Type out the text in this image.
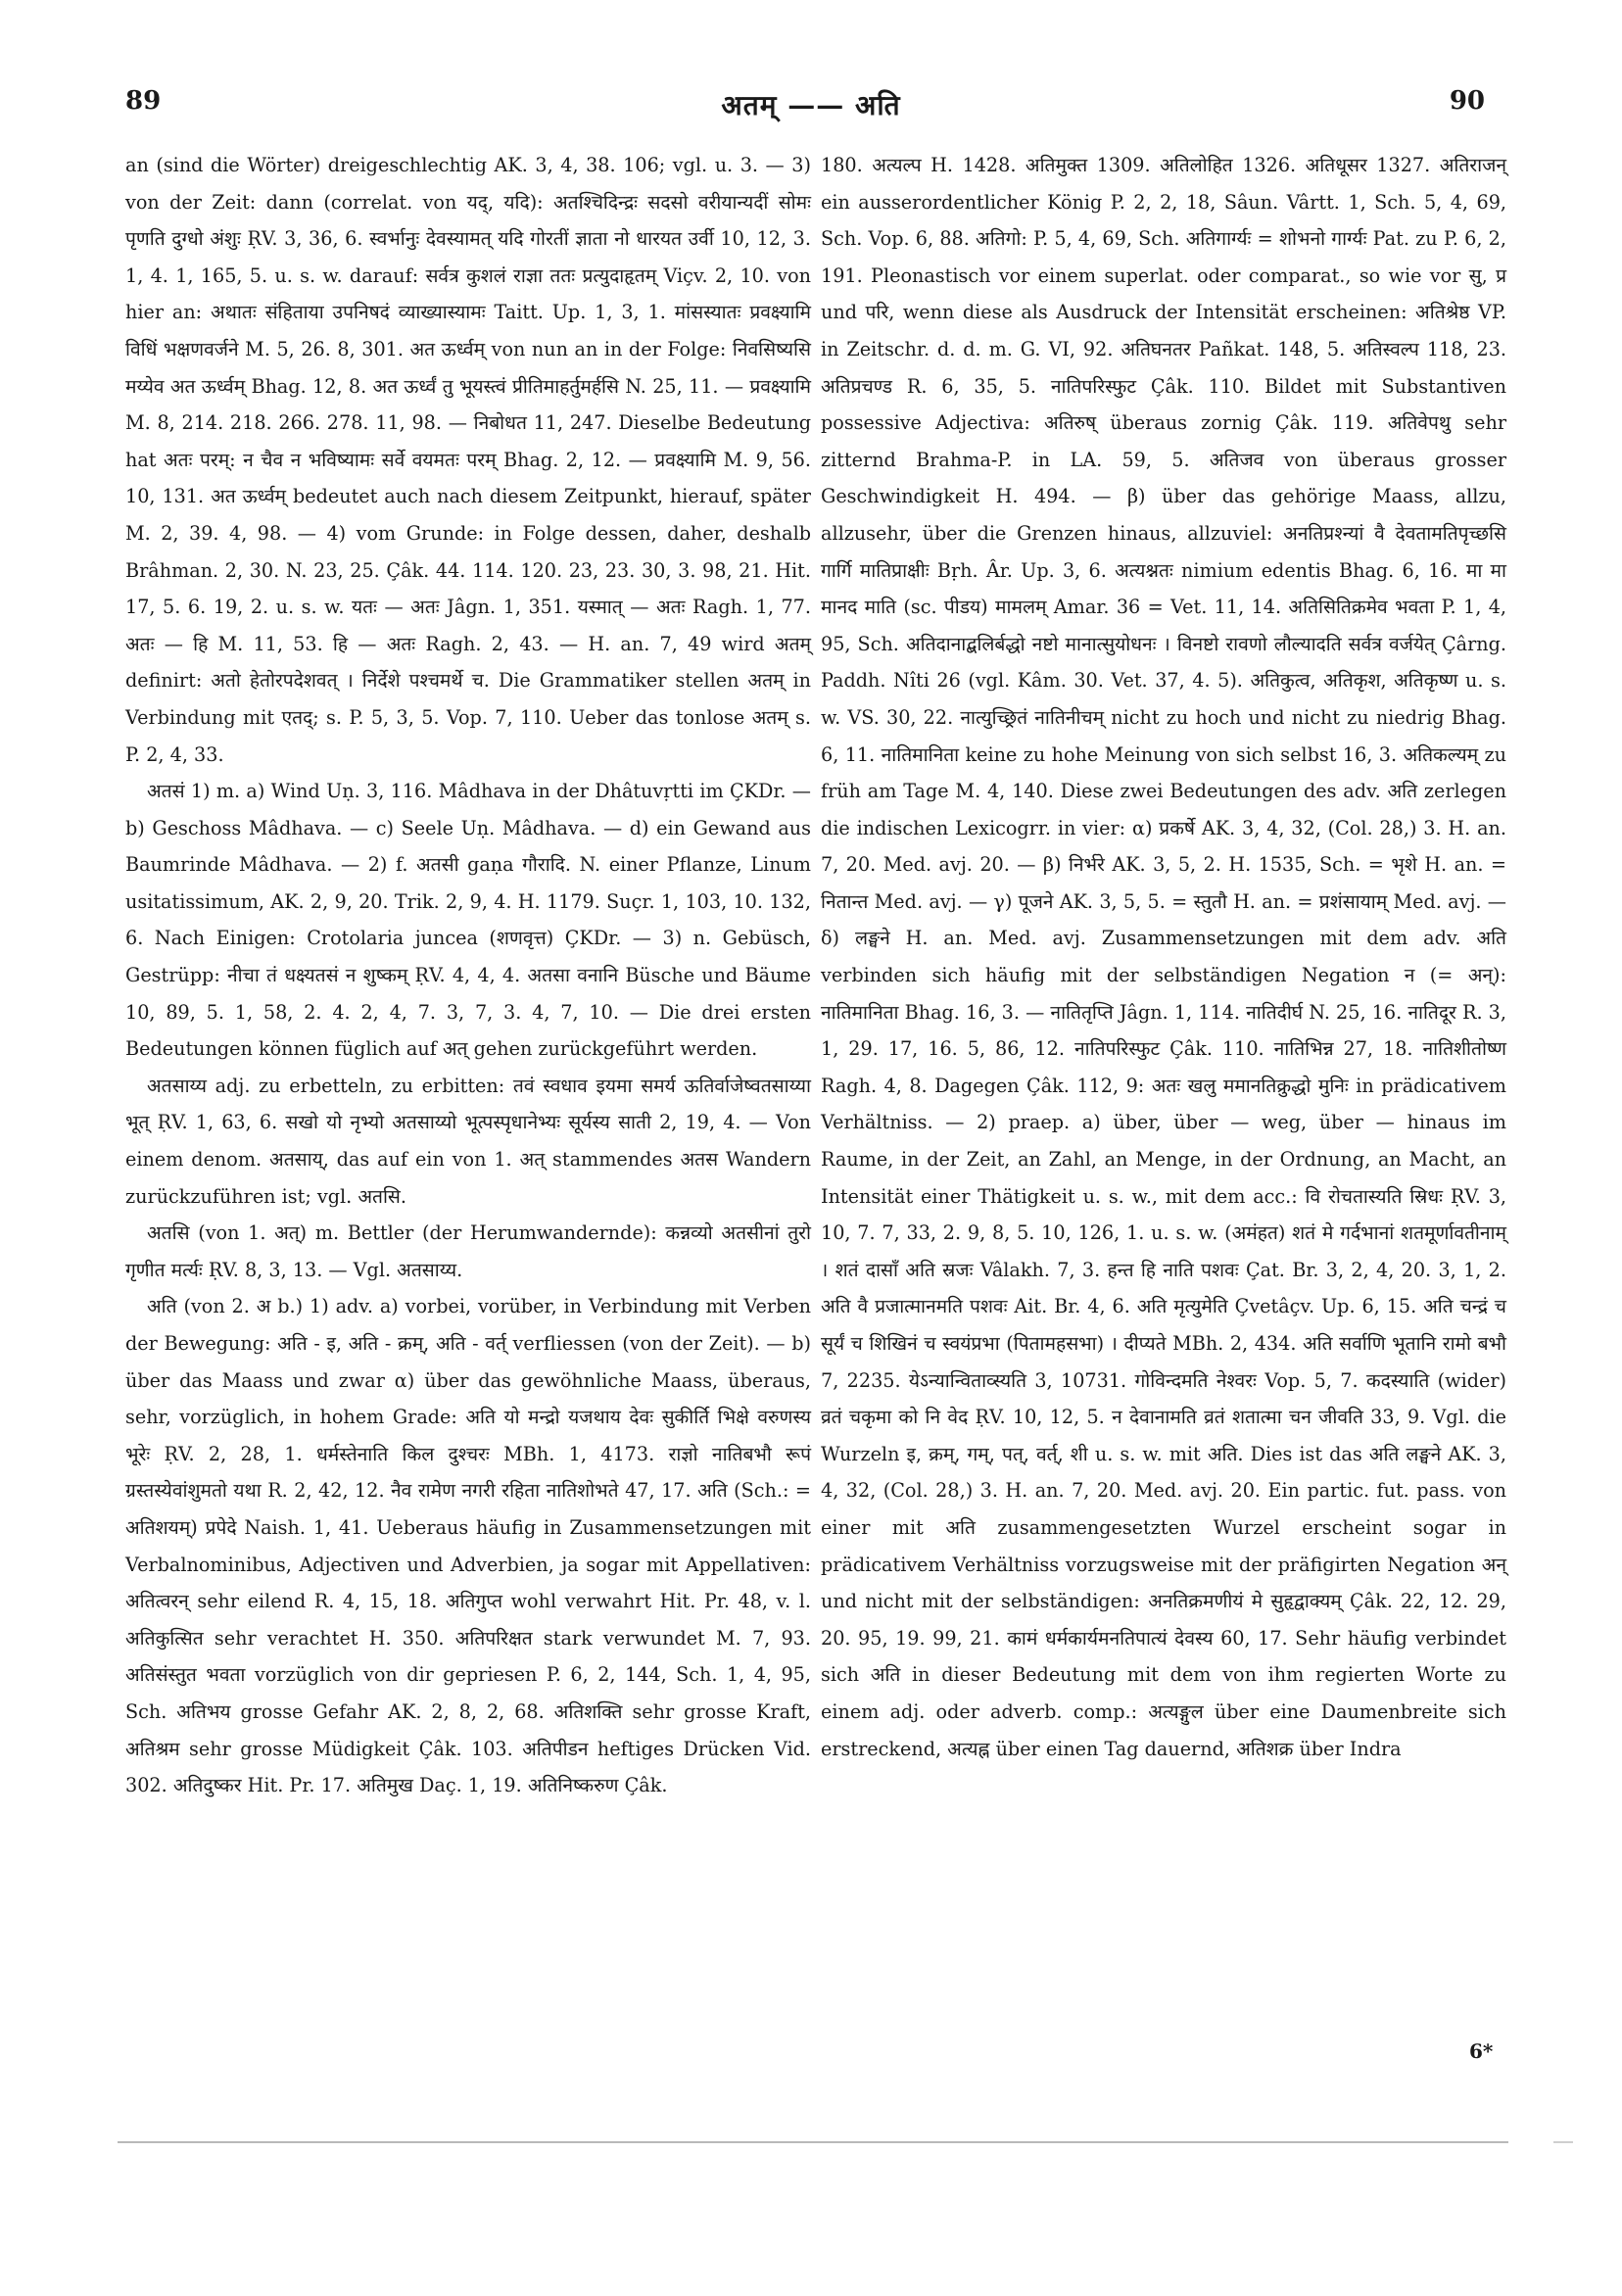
89	अतम् —— अति	90

an (sind die Wörter) dreigeschlechtig AK. 3, 4, 38. 106; vgl. u. 3. — 3) von der Zeit: dann (correlat. von यद्, यदि): अतश्चिदिन्द्रः सदसो वरीयान्यदीं सोमः पृणति दुग्धो अंशुः ṚV. 3, 36, 6. स्वर्भानुः देवस्यामत् यदि गोरतीं ज्ञाता नो धारयत उर्वी 10, 12, 3. 1, 4. 1, 165, 5. u. s. w. darauf: सर्वत्र कुशलं राज्ञा ततः प्रत्युदाहृतम् Viçv. 2, 10. von hier an: अथातः संहिताया उपनिषदं व्याख्यास्यामः Taitt. Up. 1, 3, 1. मांसस्यातः प्रवक्ष्यामि विधिं भक्षणवर्जने M. 5, 26. 8, 301. अत ऊर्ध्वम् von nun an in der Folge: निवसिष्यसि मय्येव अत ऊर्ध्वम् Bhag. 12, 8. अत ऊर्ध्वं तु भूयस्त्वं प्रीतिमाहर्तुमर्हसि N. 25, 11. — प्रवक्ष्यामि M. 8, 214. 218. 266. 278. 11, 98. — निबोधत 11, 247. Dieselbe Bedeutung hat अतः परम्: न चैव न भविष्यामः सर्वे वयमतः परम् Bhag. 2, 12. — प्रवक्ष्यामि M. 9, 56. 10, 131. अत ऊर्ध्वम् bedeutet auch nach diesem Zeitpunkt, hierauf, später M. 2, 39. 4, 98. — 4) vom Grunde: in Folge dessen, daher, deshalb Brâhman. 2, 30. N. 23, 25. Çâk. 44. 114. 120. 23, 23. 30, 3. 98, 21. Hit. 17, 5. 6. 19, 2. u. s. w. यतः — अतः Jâgn. 1, 351. यस्मात् — अतः Ragh. 1, 77. अतः — हि M. 11, 53. हि — अतः Ragh. 2, 43. — H. an. 7, 49 wird अतम् definirt: अतो हेतोरपदेशवत् । निर्देशे पश्चमर्थे च. Die Grammatiker stellen अतम् in Verbindung mit एतद्; s. P. 5, 3, 5. Vop. 7, 110. Ueber das tonlose अतम् s. P. 2, 4, 33.

अतसं 1) m. a) Wind Uṇ. 3, 116. Mâdhava in der Dhâtuvṛtti im ÇKDr. — b) Geschoss Mâdhava. — c) Seele Uṇ. Mâdhava. — d) ein Gewand aus Baumrinde Mâdhava. — 2) f. अतसी gaṇa गौरादि. N. einer Pflanze, Linum usitatissimum, AK. 2, 9, 20. Trik. 2, 9, 4. H. 1179. Suçr. 1, 103, 10. 132, 6. Nach Einigen: Crotolaria juncea (शणवृत्त) ÇKDr. — 3) n. Gebüsch, Gestrüpp: नीचा तं धक्ष्यतसं न शुष्कम् ṚV. 4, 4, 4. अतसा वनानि Büsche und Bäume 10, 89, 5. 1, 58, 2. 4. 2, 4, 7. 3, 7, 3. 4, 7, 10. — Die drei ersten Bedeutungen können füglich auf अत् gehen zurückgeführt werden.

अतसाय्य adj. zu erbetteln, zu erbitten: तवं स्वधाव इयमा समर्य ऊतिर्वाजेष्वतसाय्या भूत् ṚV. 1, 63, 6. सखो यो नृभ्यो अतसाय्यो भूत्पस्पृधानेभ्यः सूर्यस्य साती 2, 19, 4. — Von einem denom. अतसाय्, das auf ein von 1. अत् stammendes अतस Wandern zurückzuführen ist; vgl. अतसि.

अतसि (von 1. अत्) m. Bettler (der Herumwandernde): कन्नव्यो अतसीनां तुरो गृणीत मर्त्यः ṚV. 8, 3, 13. — Vgl. अतसाय्य.

अति (von 2. अ b.) 1) adv. a) vorbei, vorüber, in Verbindung mit Verben der Bewegung: अति - इ, अति - क्रम्, अति - वर्त् verfliessen (von der Zeit). — b) über das Maass und zwar α) über das gewöhnliche Maass, überaus, sehr, vorzüglich, in hohem Grade: अति यो मन्द्रो यजथाय देवः सुकीर्ति भिक्षे वरुणस्य भूरेः ṚV. 2, 28, 1. धर्मस्तेनाति किल दुश्चरः MBh. 1, 4173. राज्ञो नातिबभौ रूपं ग्रस्तस्येवांशुमतो यथा R. 2, 42, 12. नैव रामेण नगरी रहिता नातिशोभते 47, 17. अति (Sch.: = अतिशयम्) प्रपेदे Naish. 1, 41. Ueberaus häufig in Zusammensetzungen mit Verbalnominibus, Adjectiven und Adverbien, ja sogar mit Appellativen: अतित्वरन् sehr eilend R. 4, 15, 18. अतिगुप्त wohl verwahrt Hit. Pr. 48, v. l. अतिकुत्सित sehr verachtet H. 350. अतिपरिक्षत stark verwundet M. 7, 93. अतिसंस्तुत भवता vorzüglich von dir gepriesen P. 6, 2, 144, Sch. 1, 4, 95, Sch. अतिभय grosse Gefahr AK. 2, 8, 2, 68. अतिशक्ति sehr grosse Kraft, अतिश्रम sehr grosse Müdigkeit Çâk. 103. अतिपीडन heftiges Drücken Vid. 302. अतिदुष्कर Hit. Pr. 17. अतिमुख Daç. 1, 19. अतिनिष्करुण Çâk.

180. अत्यल्प H. 1428. अतिमुक्त 1309. अतिलोहित 1326. अतिधूसर 1327. अतिराजन् ein ausserordentlicher König P. 2, 2, 18, Sâun. Vârtt. 1, Sch. 5, 4, 69, Sch. Vop. 6, 88. अतिगो: P. 5, 4, 69, Sch. अतिगार्ग्यः = शोभनो गार्ग्यः Pat. zu P. 6, 2, 191. Pleonastisch vor einem superlat. oder comparat., so wie vor सु, प्र und परि, wenn diese als Ausdruck der Intensität erscheinen: अतिश्रेष्ठ VP. in Zeitschr. d. d. m. G. VI, 92. अतिघनतर Pañkat. 148, 5. अतिस्वल्प 118, 23. अतिप्रचण्ड R. 6, 35, 5. नातिपरिस्फुट Çâk. 110. Bildet mit Substantiven possessive Adjectiva: अतिरुष् überaus zornig Çâk. 119. अतिवेपथु sehr zitternd Brahma-P. in LA. 59, 5. अतिजव von überaus grosser Geschwindigkeit H. 494. — β) über das gehörige Maass, allzu, allzusehr, über die Grenzen hinaus, allzuviel: अनतिप्रश्न्यां वै देवतामतिपृच्छसि गार्गि मातिप्राक्षीः Bṛh. Âr. Up. 3, 6. अत्यश्नतः nimium edentis Bhag. 6, 16. मा मा मानद माति (sc. पीडय) मामलम् Amar. 36 = Vet. 11, 14. अतिसितिक्रमेव भवता P. 1, 4, 95, Sch. अतिदानाद्बलिर्बद्धो नष्टो मानात्सुयोधनः । विनष्टो रावणो लौल्यादति सर्वत्र वर्जयेत् Çârng. Paddh. Nîti 26 (vgl. Kâm. 30. Vet. 37, 4. 5). अतिकुत्व, अतिकृश, अतिकृष्ण u. s. w. VS. 30, 22. नात्युच्छ्रितं नातिनीचम् nicht zu hoch und nicht zu niedrig Bhag. 6, 11. नातिमानिता keine zu hohe Meinung von sich selbst 16, 3. अतिकल्यम् zu früh am Tage M. 4, 140. Diese zwei Bedeutungen des adv. अति zerlegen die indischen Lexicogrr. in vier: α) प्रकर्षे AK. 3, 4, 32, (Col. 28,) 3. H. an. 7, 20. Med. avj. 20. — β) निर्भरे AK. 3, 5, 2. H. 1535, Sch. = भृशे H. an. = नितान्त Med. avj. — γ) पूजने AK. 3, 5, 5. = स्तुतौ H. an. = प्रशंसायाम् Med. avj. — δ) लङ्घने H. an. Med. avj. Zusammensetzungen mit dem adv. अति verbinden sich häufig mit der selbständigen Negation न (= अन्): नातिमानिता Bhag. 16, 3. — नातितृप्ति Jâgn. 1, 114. नातिदीर्घ N. 25, 16. नातिदूर R. 3, 1, 29. 17, 16. 5, 86, 12. नातिपरिस्फुट Çâk. 110. नातिभिन्न 27, 18. नातिशीतोष्ण Ragh. 4, 8. Dagegen Çâk. 112, 9: अतः खलु ममानतिक्रुद्धो मुनिः in prädicativem Verhältniss. — 2) praep. a) über, über — weg, über — hinaus im Raume, in der Zeit, an Zahl, an Menge, in der Ordnung, an Macht, an Intensität einer Thätigkeit u. s. w., mit dem acc.: वि रोचतास्यति स्रिधः ṚV. 3, 10, 7. 7, 33, 2. 9, 8, 5. 10, 126, 1. u. s. w. (अमंहत) शतं मे गर्दभानां शतमूर्णावतीनाम् । शतं दासाँ अति स्रजः Vâlakh. 7, 3. हन्त हि नाति पशवः Çat. Br. 3, 2, 4, 20. 3, 1, 2. अति वै प्रजात्मानमति पशवः Ait. Br. 4, 6. अति मृत्युमेति Çvetâçv. Up. 6, 15. अति चन्द्रं च सूर्यं च शिखिनं च स्वयंप्रभा (पितामहसभा) । दीप्यते MBh. 2, 434. अति सर्वाणि भूतानि रामो बभौ 7, 2235. येऽन्यान्विताव्स्यति 3, 10731. गोविन्दमति नेश्वरः Vop. 5, 7. कदस्याति (wider) व्रतं चकृमा को नि वेद ṚV. 10, 12, 5. न देवानामति व्रतं शतात्मा चन जीवति 33, 9. Vgl. die Wurzeln इ, क्रम्, गम्, पत्, वर्त्, शी u. s. w. mit अति. Dies ist das अति लङ्घने AK. 3, 4, 32, (Col. 28,) 3. H. an. 7, 20. Med. avj. 20. Ein partic. fut. pass. von einer mit अति zusammengesetzten Wurzel erscheint sogar in prädicativem Verhältniss vorzugsweise mit der präfigirten Negation अन् und nicht mit der selbständigen: अनतिक्रमणीयं मे सुहृद्वाक्यम् Çâk. 22, 12. 29, 20. 95, 19. 99, 21. कामं धर्मकार्यमनतिपात्यं देवस्य 60, 17. Sehr häufig verbindet sich अति in dieser Bedeutung mit dem von ihm regierten Worte zu einem adj. oder adverb. comp.: अत्यङ्गुल über eine Daumenbreite sich erstreckend, अत्यह्न über einen Tag dauernd, अतिशक्र über Indra

6*
